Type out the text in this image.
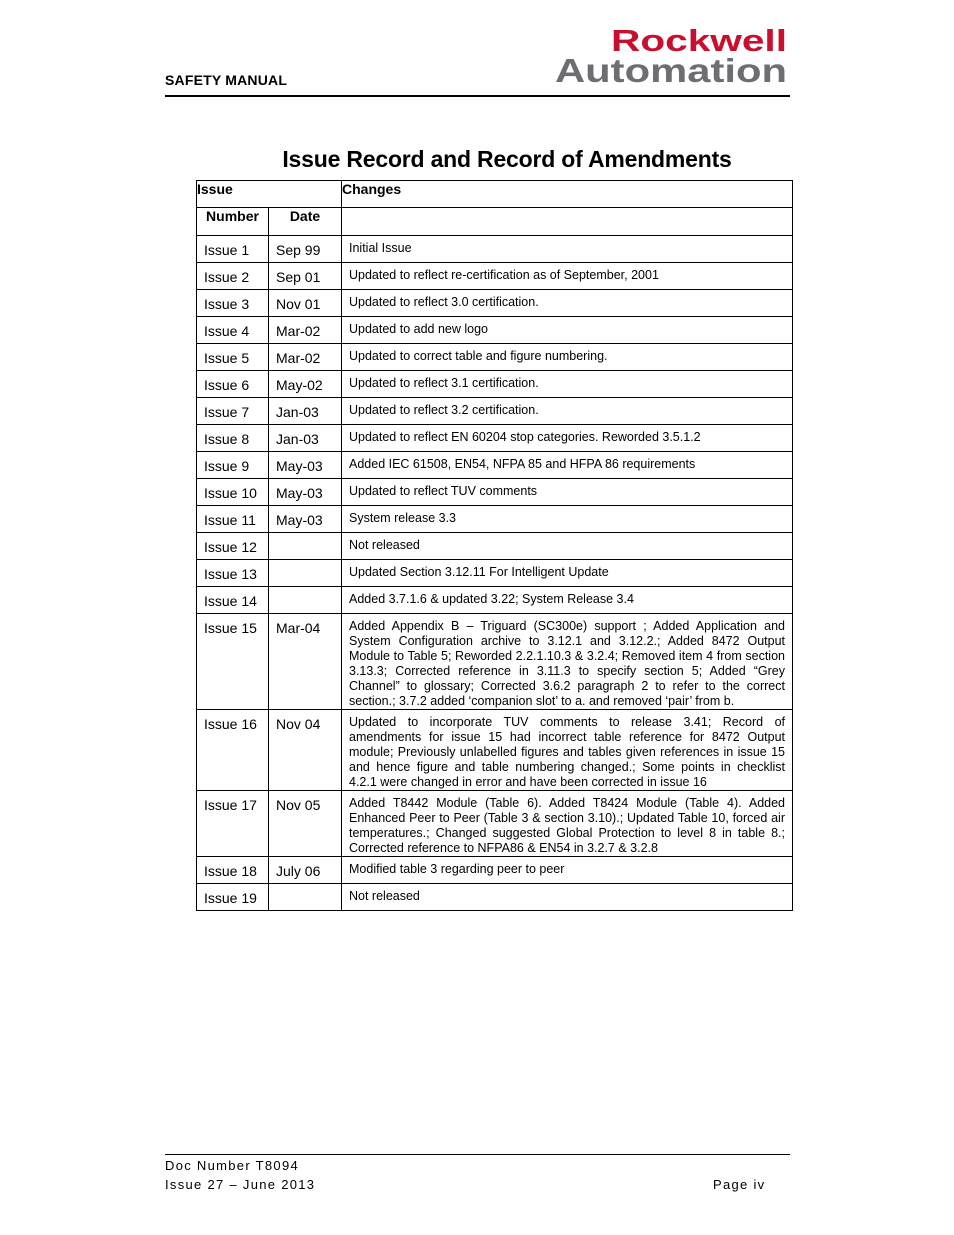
SAFETY MANUAL
Rockwell
Automation
Issue Record and Record of Amendments
Issue		Changes
Number	Date	
Issue 1	Sep 99	Initial Issue
Issue 2	Sep 01	Updated to reflect re-certification as of September, 2001
Issue 3	Nov 01	Updated to reflect 3.0 certification.
Issue 4	Mar-02	Updated to add new logo
Issue 5	Mar-02	Updated to correct table and figure numbering.
Issue 6	May-02	Updated to reflect 3.1 certification.
Issue 7	Jan-03	Updated to reflect 3.2 certification.
Issue 8	Jan-03	Updated to reflect EN 60204 stop categories. Reworded 3.5.1.2
Issue 9	May-03	Added IEC 61508, EN54, NFPA 85 and HFPA 86 requirements
Issue 10	May-03	Updated to reflect TUV comments
Issue 11	May-03	System release 3.3
Issue 12		Not released
Issue 13		Updated Section 3.12.11 For Intelligent Update
Issue 14		Added 3.7.1.6 & updated 3.22; System Release 3.4
Issue 15	Mar-04	Added Appendix B – Triguard (SC300e) support ; Added Application and System Configuration archive to 3.12.1 and 3.12.2.; Added 8472 Output Module to Table 5; Reworded 2.2.1.10.3 & 3.2.4; Removed item 4 from section 3.13.3; Corrected reference in 3.11.3 to specify section 5; Added “Grey Channel” to glossary; Corrected 3.6.2 paragraph 2 to refer to the correct section.; 3.7.2 added ‘companion slot’ to a. and removed ‘pair’ from b.
Issue 16	Nov 04	Updated to incorporate TUV comments to release 3.41; Record of amendments for issue 15 had incorrect table reference for 8472 Output module; Previously unlabelled figures and tables given references in issue 15 and hence figure and table numbering changed.; Some points in checklist 4.2.1 were changed in error and have been corrected in issue 16
Issue 17	Nov 05	Added T8442 Module (Table 6). Added T8424 Module (Table 4). Added Enhanced Peer to Peer (Table 3 & section 3.10).; Updated Table 10, forced air temperatures.; Changed suggested Global Protection to level 8 in table 8.; Corrected reference to NFPA86 & EN54 in 3.2.7 & 3.2.8
Issue 18	July 06	Modified table 3 regarding peer to peer
Issue 19		Not released
Doc Number T8094
Issue 27 – June 2013	Page iv
